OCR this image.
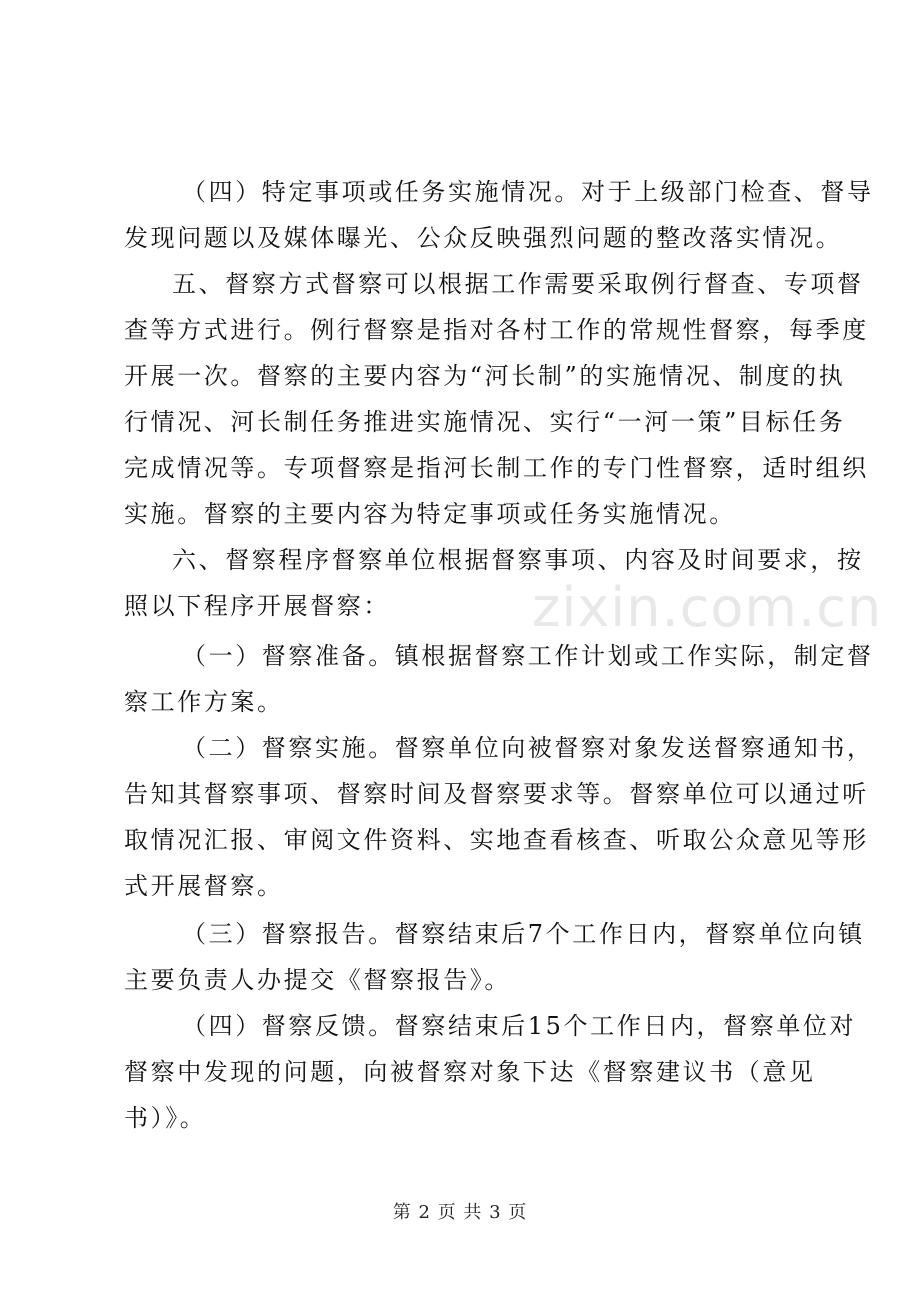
zixin.com.cn
（四）特定事项或任务实施情况。对于上级部门检查、督导
发现问题以及媒体曝光、公众反映强烈问题的整改落实情况。
五、督察方式督察可以根据工作需要采取例行督查、专项督
查等方式进行。例行督察是指对各村工作的常规性督察，每季度
开展一次。督察的主要内容为“河长制”的实施情况、制度的执
行情况、河长制任务推进实施情况、实行“一河一策”目标任务
完成情况等。专项督察是指河长制工作的专门性督察，适时组织
实施。督察的主要内容为特定事项或任务实施情况。
六、督察程序督察单位根据督察事项、内容及时间要求，按
照以下程序开展督察：
（一）督察准备。镇根据督察工作计划或工作实际，制定督
察工作方案。
（二）督察实施。督察单位向被督察对象发送督察通知书，
告知其督察事项、督察时间及督察要求等。督察单位可以通过听
取情况汇报、审阅文件资料、实地查看核查、听取公众意见等形
式开展督察。
（三）督察报告。督察结束后7个工作日内，督察单位向镇
主要负责人办提交《督察报告》。
（四）督察反馈。督察结束后15个工作日内，督察单位对
督察中发现的问题，向被督察对象下达《督察建议书（意见
书）》。
第 2 页 共 3 页
